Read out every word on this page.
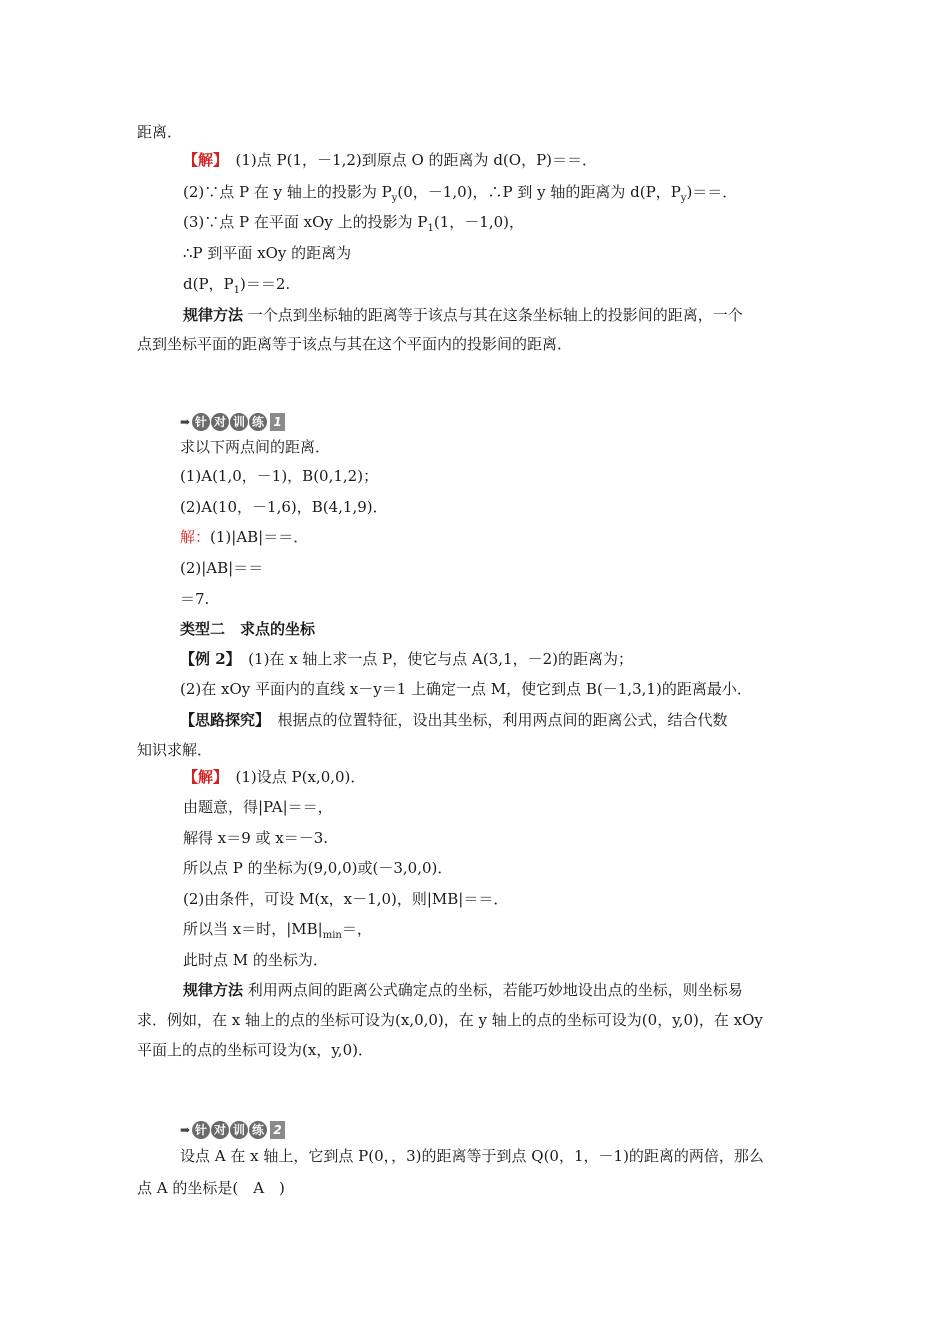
距离．
【解】　(1)点 P(1，－1,2)到原点 O 的距离为 d(O，P)＝＝．
(2)∵点 P 在 y 轴上的投影为 $P_y(0$，－1,0)，∴P 到 y 轴的距离为 d(P，$P_y)==$．
(3)∵点 P 在平面 xOy 上的投影为 $P_1(1$，－1,0)，
∴P 到平面 xOy 的距离为
d(P，$P_1)==2$.
规律方法 一个点到坐标轴的距离等于该点与其在这条坐标轴上的投影间的距离，一个
点到坐标平面的距离等于该点与其在这个平面内的投影间的距离．
➡ 针 对 训 练 1
求以下两点间的距离．
(1)A(1,0，－1)，B(0,1,2)；
(2)A(10，－1,6)，B(4,1,9)．
解：(1)|AB|＝＝．
(2)|AB|＝＝
＝7.
类型二　求点的坐标
【例 2】　(1)在 x 轴上求一点 P，使它与点 A(3,1，－2)的距离为；
(2)在 xOy 平面内的直线 x－y＝1 上确定一点 M，使它到点 B(－1,3,1)的距离最小．
【思路探究】　根据点的位置特征，设出其坐标，利用两点间的距离公式，结合代数
知识求解．
【解】　(1)设点 P(x,0,0)．
由题意，得|PA|＝＝，
解得 x＝9 或 x＝－3.
所以点 P 的坐标为(9,0,0)或(－3,0,0)．
(2)由条件，可设 M(x，x－1,0)，则|MB|＝＝．
所以当 x＝时，$|MB|_{min}=$，
此时点 M 的坐标为．
规律方法 利用两点间的距离公式确定点的坐标，若能巧妙地设出点的坐标，则坐标易
求．例如，在 x 轴上的点的坐标可设为(x,0,0)，在 y 轴上的点的坐标可设为(0，y,0)，在 xOy
平面上的点的坐标可设为(x，y,0)．
➡ 针 对 训 练 2
设点 A 在 x 轴上，它到点 P(0，，3)的距离等于到点 Q(0，1，－1)的距离的两倍，那么
点 A 的坐标是(　A　)
